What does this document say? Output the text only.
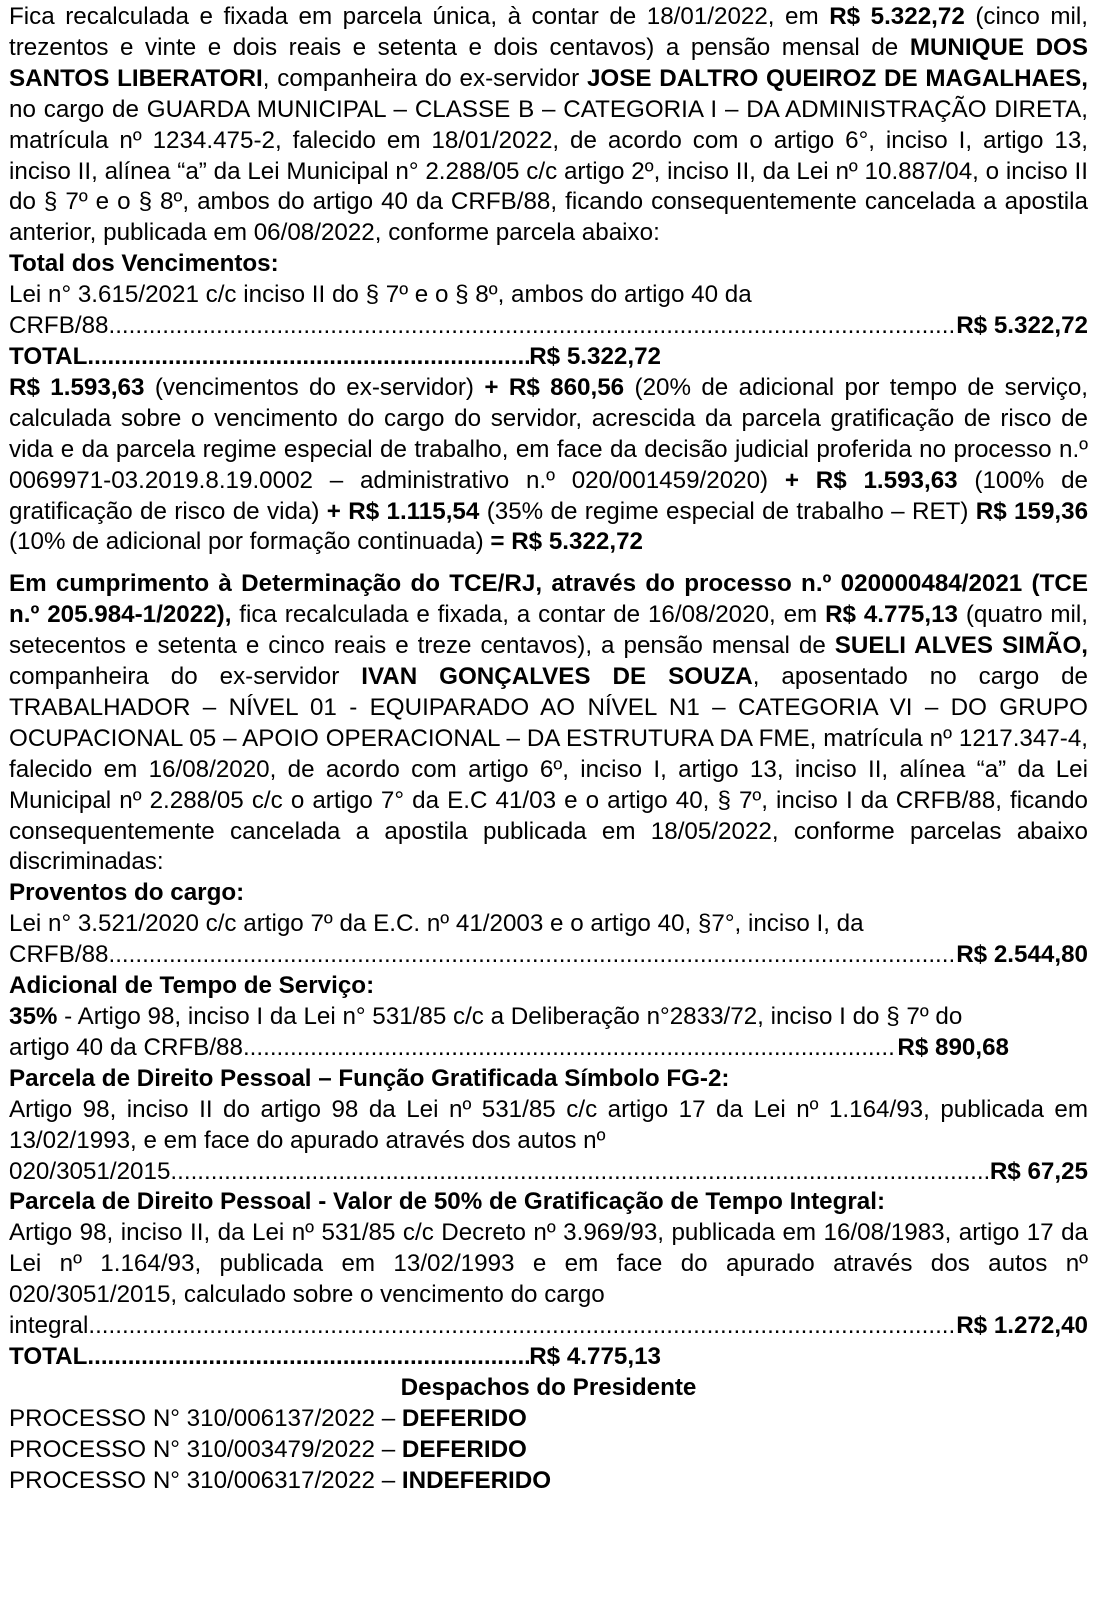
Fica recalculada e fixada em parcela única, à contar de 18/01/2022, em R$ 5.322,72 (cinco mil, trezentos e vinte e dois reais e setenta e dois centavos) a pensão mensal de MUNIQUE DOS SANTOS LIBERATORI, companheira do ex-servidor JOSE DALTRO QUEIROZ DE MAGALHAES, no cargo de GUARDA MUNICIPAL – CLASSE B – CATEGORIA I – DA ADMINISTRAÇÃO DIRETA, matrícula nº 1234.475-2, falecido em 18/01/2022, de acordo com o artigo 6°, inciso I, artigo 13, inciso II, alínea “a” da Lei Municipal n° 2.288/05 c/c artigo 2º, inciso II, da Lei nº 10.887/04, o inciso II do § 7º e o § 8º, ambos do artigo 40 da CRFB/88, ficando consequentemente cancelada a apostila anterior, publicada em 06/08/2022, conforme parcela abaixo:

Total dos Vencimentos:

Lei n° 3.615/2021 c/c inciso II do § 7º e o § 8º, ambos do artigo 40 da

CRFB/88 .....	R$ 5.322,72
TOTAL .....	R$ 5.322,72

R$ 1.593,63 (vencimentos do ex-servidor) + R$ 860,56 (20% de adicional por tempo de serviço, calculada sobre o vencimento do cargo do servidor, acrescida da parcela gratificação de risco de vida e da parcela regime especial de trabalho, em face da decisão judicial proferida no processo n.º 0069971-03.2019.8.19.0002 – administrativo n.º 020/001459/2020) + R$ 1.593,63 (100% de gratificação de risco de vida) + R$ 1.115,54 (35% de regime especial de trabalho – RET) R$ 159,36 (10% de adicional por formação continuada) = R$ 5.322,72

Em cumprimento à Determinação do TCE/RJ, através do processo n.º 020000484/2021 (TCE n.º 205.984-1/2022), fica recalculada e fixada, a contar de 16/08/2020, em R$ 4.775,13 (quatro mil, setecentos e setenta e cinco reais e treze centavos), a pensão mensal de SUELI ALVES SIMÃO, companheira do ex-servidor IVAN GONÇALVES DE SOUZA, aposentado no cargo de TRABALHADOR – NÍVEL 01 - EQUIPARADO AO NÍVEL N1 – CATEGORIA VI – DO GRUPO OCUPACIONAL 05 – APOIO OPERACIONAL – DA ESTRUTURA DA FME, matrícula nº 1217.347-4, falecido em 16/08/2020, de acordo com artigo 6º, inciso I, artigo 13, inciso II, alínea “a” da Lei Municipal nº 2.288/05 c/c o artigo 7° da E.C 41/03 e o artigo 40, § 7º, inciso I da CRFB/88, ficando consequentemente cancelada a apostila publicada em 18/05/2022, conforme parcelas abaixo discriminadas:

Proventos do cargo:

Lei n° 3.521/2020 c/c artigo 7º da E.C. nº 41/2003 e o artigo 40, §7°, inciso I, da

CRFB/88 .....	R$ 2.544,80

Adicional de Tempo de Serviço:

35% - Artigo 98, inciso I da Lei n° 531/85 c/c a Deliberação n°2833/72, inciso I do § 7º do

artigo 40 da CRFB/88 .....	R$ 890,68

Parcela de Direito Pessoal – Função Gratificada Símbolo FG-2:

Artigo 98, inciso II do artigo 98 da Lei nº 531/85 c/c artigo 17 da Lei nº 1.164/93, publicada em 13/02/1993, e em face do apurado através dos autos nº

020/3051/2015 .....	R$ 67,25

Parcela de Direito Pessoal - Valor de 50% de Gratificação de Tempo Integral:

Artigo 98, inciso II, da Lei nº 531/85 c/c Decreto nº 3.969/93, publicada em 16/08/1983, artigo 17 da Lei nº 1.164/93, publicada em 13/02/1993 e em face do apurado através dos autos nº 020/3051/2015, calculado sobre o vencimento do cargo

integral .....	R$ 1.272,40
TOTAL .....	R$ 4.775,13

Despachos do Presidente

PROCESSO N° 310/006137/2022 – DEFERIDO

PROCESSO N° 310/003479/2022 – DEFERIDO

PROCESSO N° 310/006317/2022 – INDEFERIDO
